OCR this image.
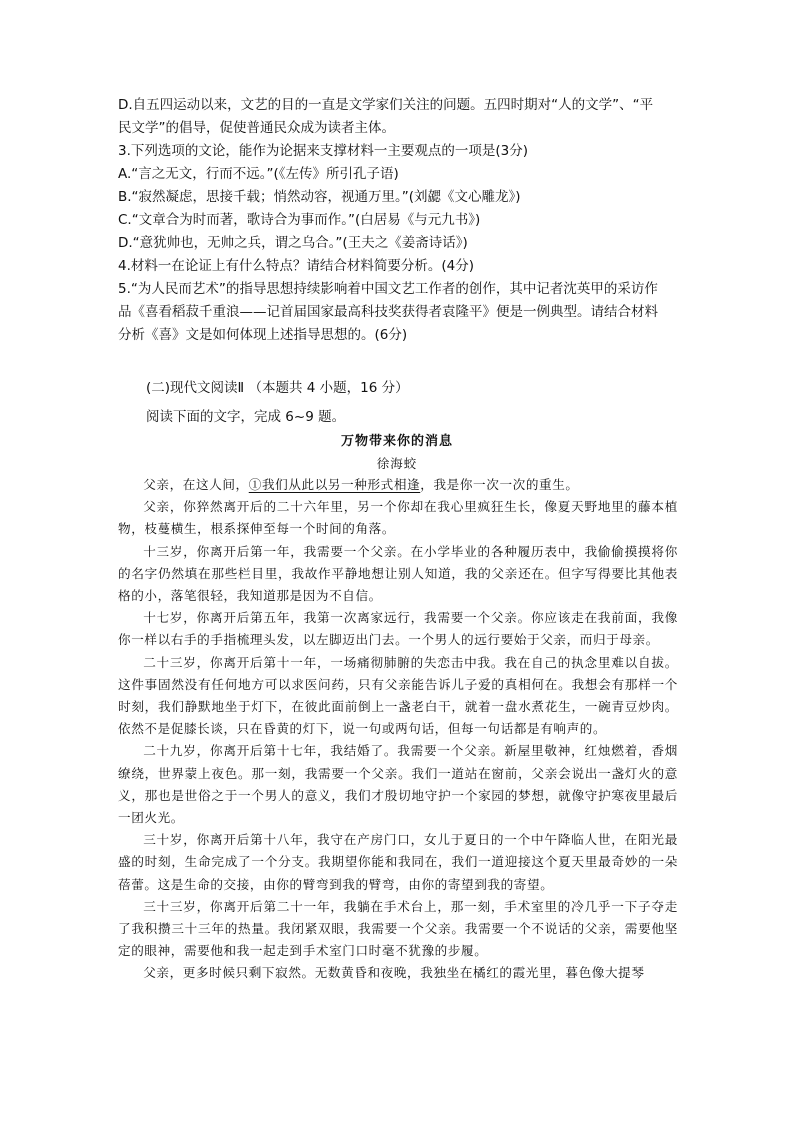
D.自五四运动以来，文艺的目的一直是文学家们关注的问题。五四时期对“人的文学”、“平
民文学”的倡导，促使普通民众成为读者主体。
3.下列选项的文论，能作为论据来支撑材料一主要观点的一项是(3分)
A.“言之无文，行而不远。”(《左传》所引孔子语)
B.“寂然凝虑，思接千载；悄然动容，视通万里。”(刘勰《文心雕龙》)
C.“文章合为时而著，歌诗合为事而作。”(白居易《与元九书》)
D.“意犹帅也，无帅之兵，谓之乌合。”(王夫之《姜斋诗话》)
4.材料一在论证上有什么特点？请结合材料简要分析。(4分)
5.“为人民而艺术”的指导思想持续影响着中国文艺工作者的创作，其中记者沈英甲的采访作
品《喜看稻菽千重浪——记首届国家最高科技奖获得者袁隆平》便是一例典型。请结合材料
分析《喜》文是如何体现上述指导思想的。(6分)
(二)现代文阅读Ⅱ （本题共 4 小题，16 分）
阅读下面的文字，完成 6~9 题。
万物带来你的消息
徐海蛟

父亲，在这人间，①我们从此以另一种形式相逢，我是你一次一次的重生。

父亲，你猝然离开后的二十六年里，另一个你却在我心里疯狂生长，像夏天野地里的藤本植物，枝蔓横生，根系探伸至每一个时间的角落。

十三岁，你离开后第一年，我需要一个父亲。在小学毕业的各种履历表中，我偷偷摸摸将你的名字仍然填在那些栏目里，我故作平静地想让别人知道，我的父亲还在。但字写得要比其他表格的小，落笔很轻，我知道那是因为不自信。

十七岁，你离开后第五年，我第一次离家远行，我需要一个父亲。你应该走在我前面，我像你一样以右手的手指梳理头发，以左脚迈出门去。一个男人的远行要始于父亲，而归于母亲。

二十三岁，你离开后第十一年，一场痛彻肺腑的失恋击中我。我在自己的执念里难以自拔。这件事固然没有任何地方可以求医问药，只有父亲能告诉儿子爱的真相何在。我想会有那样一个时刻，我们静默地坐于灯下，在彼此面前倒上一盏老白干，就着一盘水煮花生，一碗青豆炒肉。依然不是促膝长谈，只在昏黄的灯下，说一句或两句话，但每一句话都是有响声的。

二十九岁，你离开后第十七年，我结婚了。我需要一个父亲。新屋里敬神，红烛燃着，香烟缭绕，世界蒙上夜色。那一刻，我需要一个父亲。我们一道站在窗前，父亲会说出一盏灯火的意义，那也是世俗之于一个男人的意义，我们才殷切地守护一个家园的梦想，就像守护寒夜里最后一团火光。

三十岁，你离开后第十八年，我守在产房门口，女儿于夏日的一个中午降临人世，在阳光最盛的时刻，生命完成了一个分支。我期望你能和我同在，我们一道迎接这个夏天里最奇妙的一朵蓓蕾。这是生命的交接，由你的臂弯到我的臂弯，由你的寄望到我的寄望。

三十三岁，你离开后第二十一年，我躺在手术台上，那一刻，手术室里的冷几乎一下子夺走了我积攒三十三年的热量。我闭紧双眼，我需要一个父亲。我需要一个不说话的父亲，需要他坚定的眼神，需要他和我一起走到手术室门口时毫不犹豫的步履。

父亲，更多时候只剩下寂然。无数黄昏和夜晚，我独坐在橘红的霞光里，暮色像大提琴
